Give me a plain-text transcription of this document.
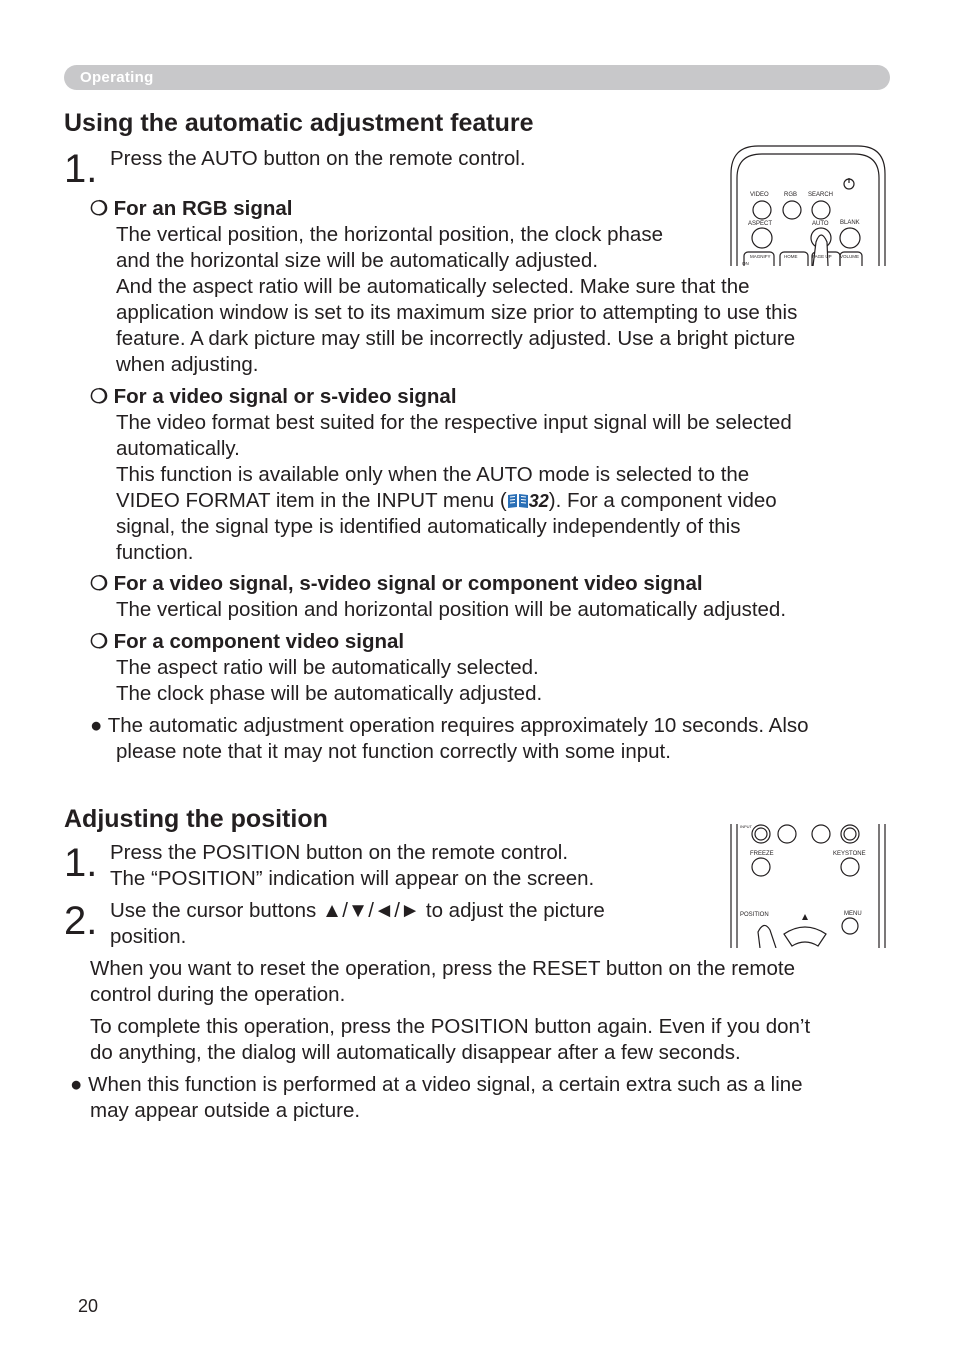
Operating
Using the automatic adjustment feature
1. Press the AUTO button on the remote control.
VIDEO	RGB SEARCH
ASPECT	AUTO BLANK
MAGNIFY	HOME	PAGE UP VOLUME
ON
❍ For an RGB signal
The vertical position, the horizontal position, the clock phase
and the horizontal size will be automatically adjusted.
And the aspect ratio will be automatically selected. Make sure that the
application window is set to its maximum size prior to attempting to use this
feature. A dark picture may still be incorrectly adjusted. Use a bright picture
when adjusting.
❍ For a video signal or s-video signal
The video format best suited for the respective input signal will be selected
automatically.
This function is available only when the AUTO mode is selected to the
VIDEO FORMAT item in the INPUT menu ( 32). For a component video
signal, the signal type is identified automatically independently of this
function.
❍ For a video signal, s-video signal or component video signal
The vertical position and horizontal position will be automatically adjusted.
❍ For a component video signal
The aspect ratio will be automatically selected.
The clock phase will be automatically adjusted.
● The automatic adjustment operation requires approximately 10 seconds. Also
please note that it may not function correctly with some input.
Adjusting the position
1. Press the POSITION button on the remote control.
The “POSITION” indication will appear on the screen.
2. Use the cursor buttons ▲/▼/◄/► to adjust the picture
position.
FREEZE	KEYSTONE
POSITION	MENU
INPUT
When you want to reset the operation, press the RESET button on the remote
control during the operation.
To complete this operation, press the POSITION button again. Even if you don’t
do anything, the dialog will automatically disappear after a few seconds.
● When this function is performed at a video signal, a certain extra such as a line
may appear outside a picture.
20
